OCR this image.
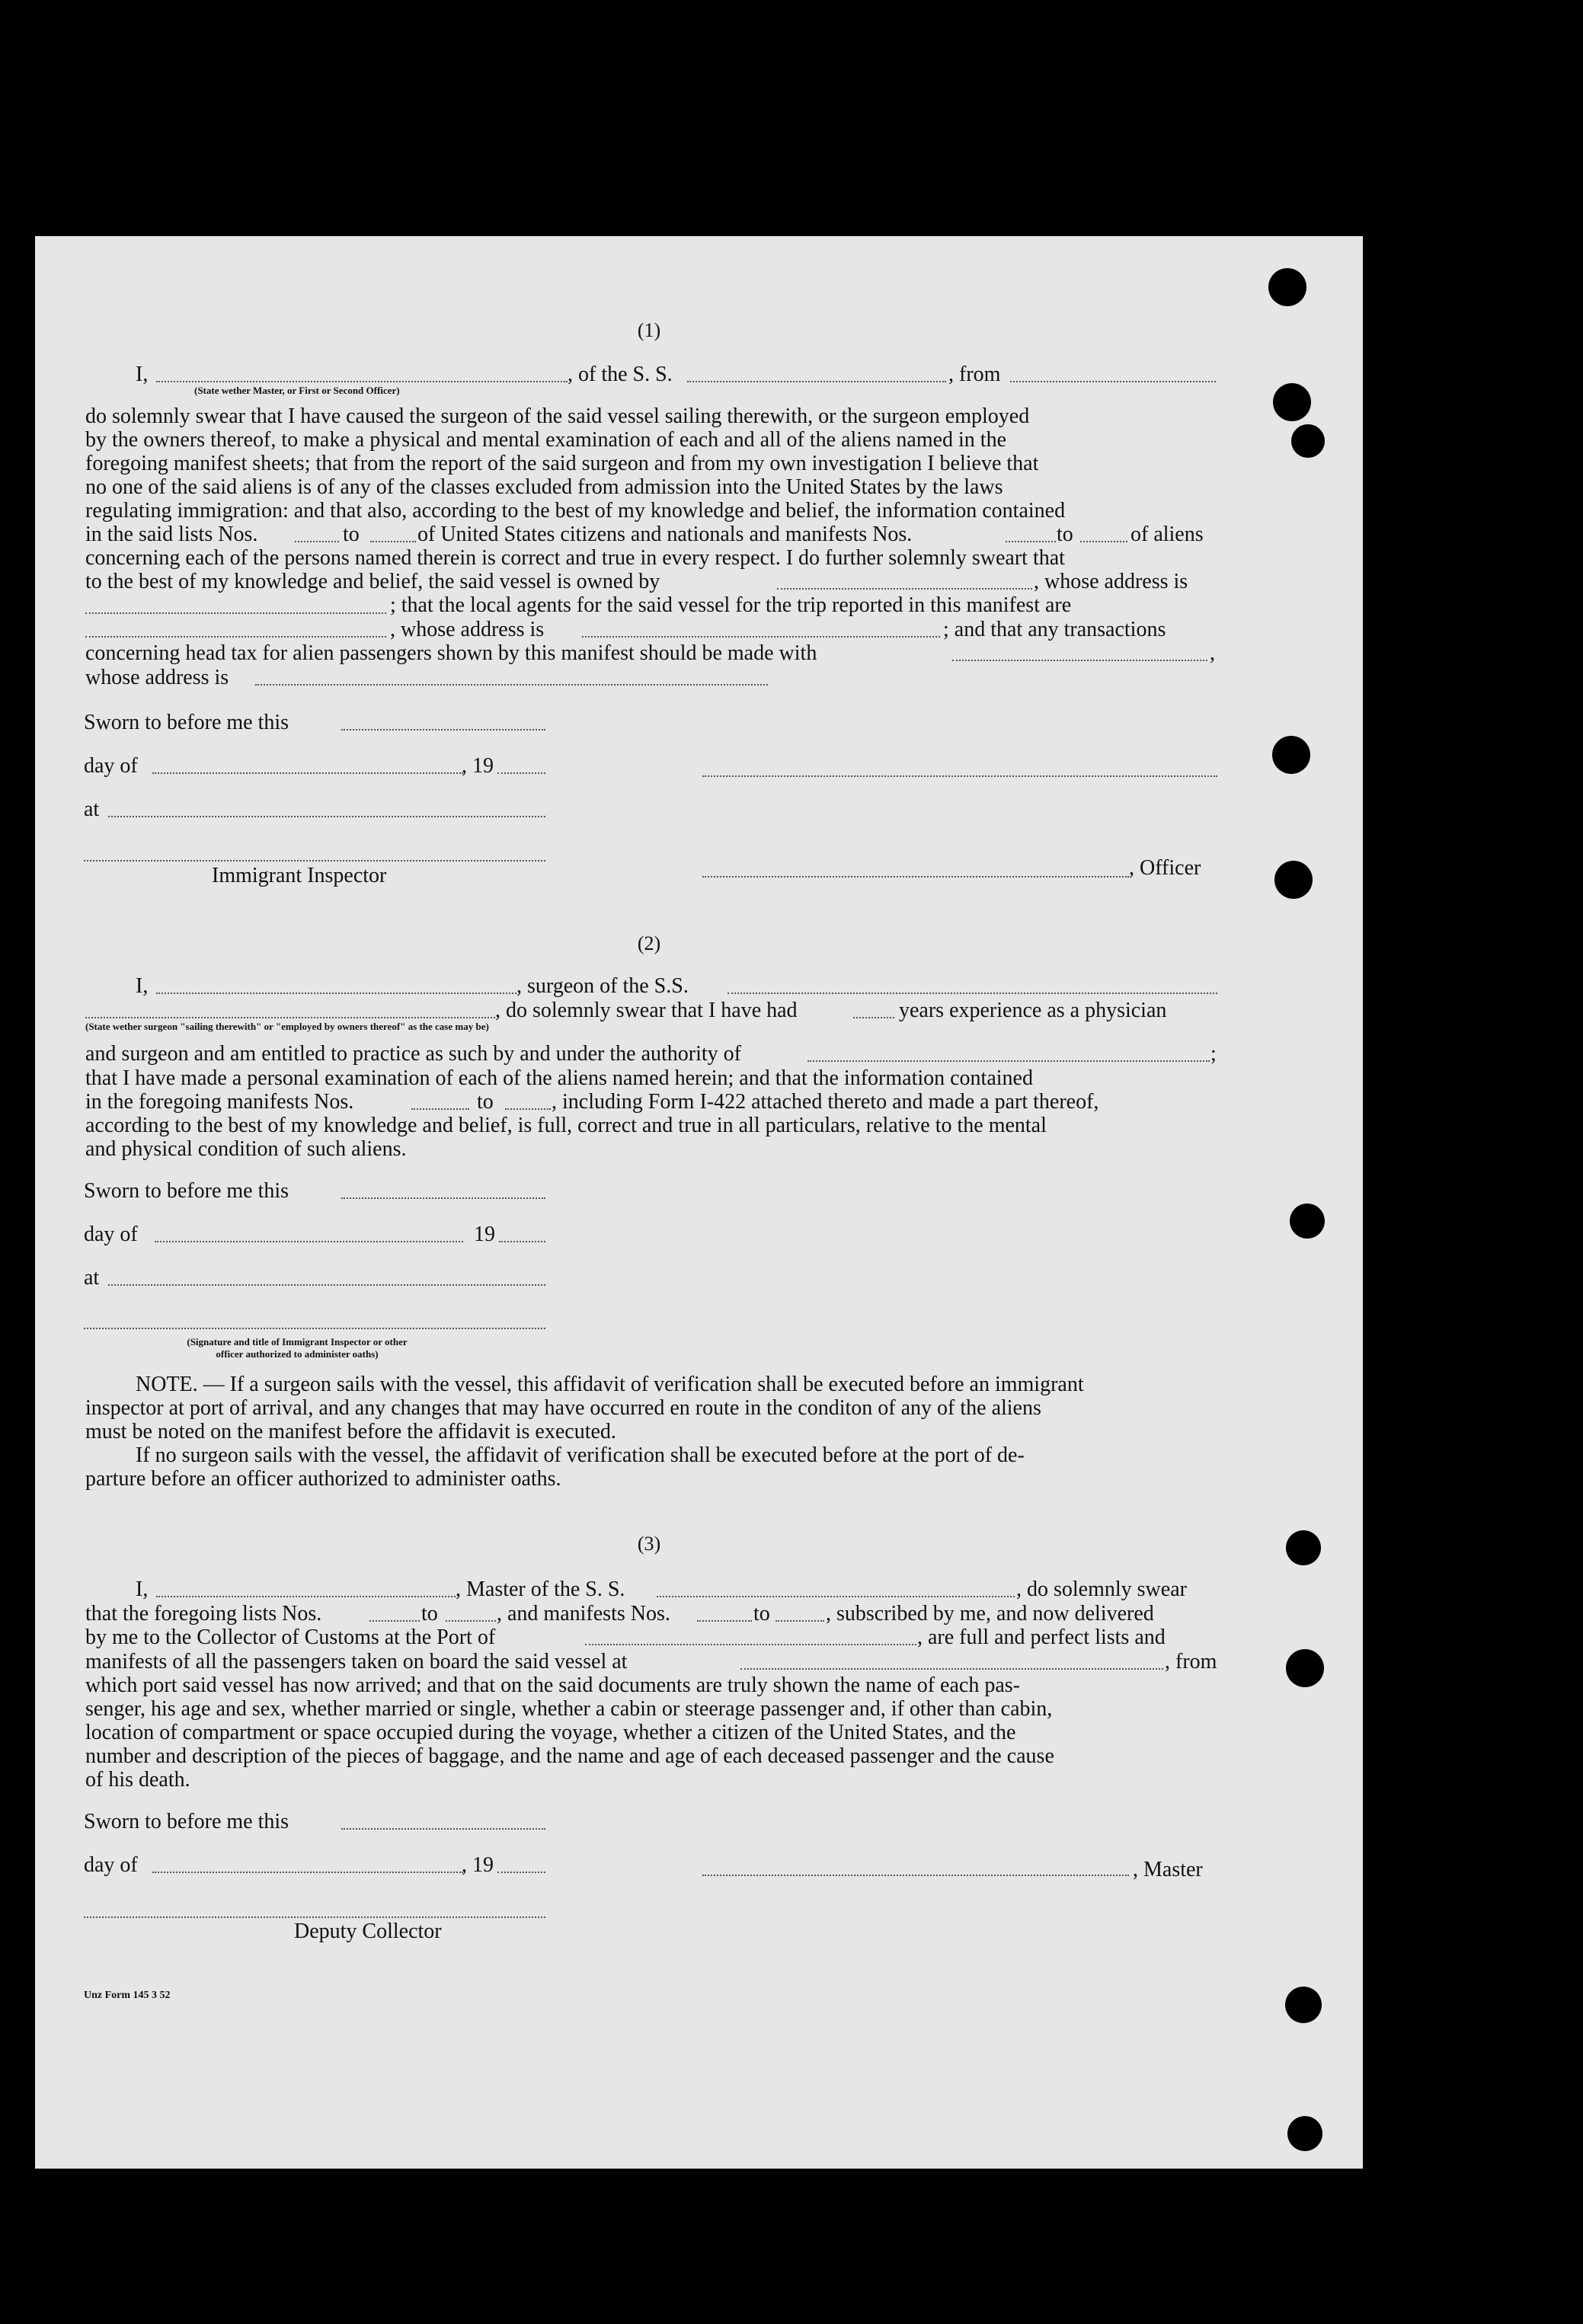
(1)
I,	, of the S. S.	, from
(State wether Master, or First or Second Officer)
do solemnly swear that I have caused the surgeon of the said vessel sailing therewith, or the surgeon employed
by the owners thereof, to make a physical and mental examination of each and all of the aliens named in the
foregoing manifest sheets; that from the report of the said surgeon and from my own investigation I believe that
no one of the said aliens is of any of the classes excluded from admission into the United States by the laws
regulating immigration: and that also, according to the best of my knowledge and belief, the information contained
in the said lists Nos.	to	of United States citizens and nationals and manifests Nos.	to	of aliens
concerning each of the persons named therein is correct and true in every respect. I do further solemnly sweart that
to the best of my knowledge and belief, the said vessel is owned by	, whose address is
; that the local agents for the said vessel for the trip reported in this manifest are
, whose address is	; and that any transactions
concerning head tax for alien passengers shown by this manifest should be made with	,
whose address is
Sworn to before me this
day of	, 19
at
Immigrant Inspector	, Officer
(2)
I,	, surgeon of the S.S.
, do solemnly swear that I have had	years experience as a physician
(State wether surgeon "sailing therewith" or "employed by owners thereof" as the case may be)
and surgeon and am entitled to practice as such by and under the authority of	;
that I have made a personal examination of each of the aliens named herein; and that the information contained
in the foregoing manifests Nos.	to	, including Form I-422 attached thereto and made a part thereof,
according to the best of my knowledge and belief, is full, correct and true in all particulars, relative to the mental
and physical condition of such aliens.
Sworn to before me this
day of	19
at
(Signature and title of Immigrant Inspector or other
officer authorized to administer oaths)
NOTE. — If a surgeon sails with the vessel, this affidavit of verification shall be executed before an immigrant
inspector at port of arrival, and any changes that may have occurred en route in the conditon of any of the aliens
must be noted on the manifest before the affidavit is executed.
If no surgeon sails with the vessel, the affidavit of verification shall be executed before at the port of de-
parture before an officer authorized to administer oaths.
(3)
I,	, Master of the S. S.	, do solemnly swear
that the foregoing lists Nos.	to	, and manifests Nos.	to	, subscribed by me, and now delivered
by me to the Collector of Customs at the Port of	, are full and perfect lists and
manifests of all the passengers taken on board the said vessel at	, from
which port said vessel has now arrived; and that on the said documents are truly shown the name of each pas-
senger, his age and sex, whether married or single, whether a cabin or steerage passenger and, if other than cabin,
location of compartment or space occupied during the voyage, whether a citizen of the United States, and the
number and description of the pieces of baggage, and the name and age of each deceased passenger and the cause
of his death.
Sworn to before me this
day of	, 19	, Master
Deputy Collector
Unz Form 145 3 52
